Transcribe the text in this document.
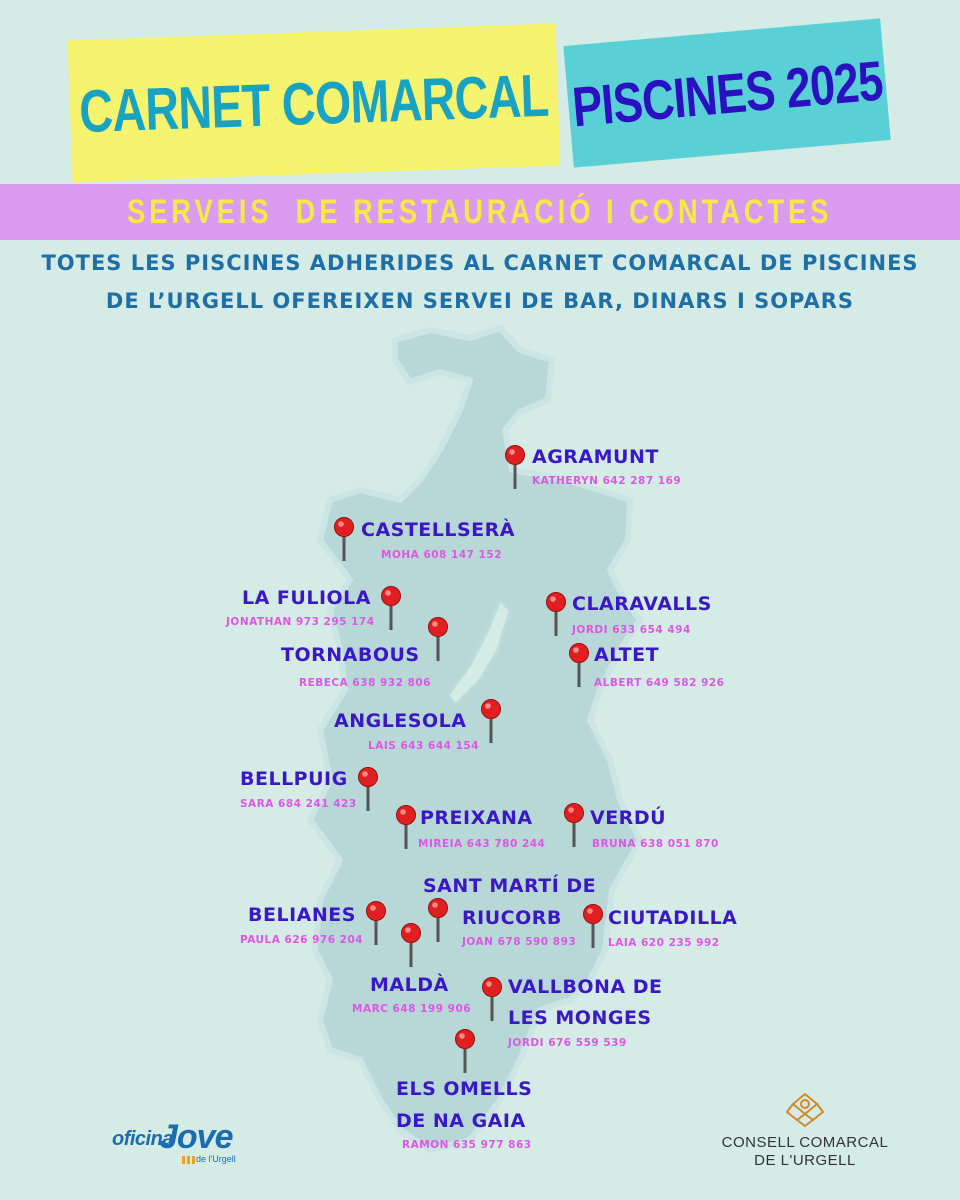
CARNET COMARCAL PISCINES 2025
SERVEIS  DE RESTAURACIÓ I CONTACTES
TOTES LES PISCINES ADHERIDES AL CARNET COMARCAL DE PISCINES
DE L’URGELL OFEREIXEN SERVEI DE BAR, DINARS I SOPARS
AGRAMUNT
KATHERYN 642 287 169
CASTELLSERÀ
MOHA 608 147 152
LA FULIOLA
JONATHAN 973 295 174
CLARAVALLS
JORDI 633 654 494
TORNABOUS
REBECA 638 932 806
ALTET
ALBERT 649 582 926
ANGLESOLA
LAIS 643 644 154
BELLPUIG
SARA 684 241 423
PREIXANA
MIREIA 643 780 244
VERDÚ
BRUNA 638 051 870
SANT MARTÍ DE
RIUCORB
JOAN 678 590 893
BELIANES
PAULA 626 976 204
CIUTADILLA
LAIA 620 235 992
MALDÀ
MARC 648 199 906
VALLBONA DE
LES MONGES
JORDI 676 559 539
ELS OMELLS
DE NA GAIA
RAMON 635 977 863
oficina
Jove
de l'Urgell
CONSELL COMARCAL
DE L'URGELL
